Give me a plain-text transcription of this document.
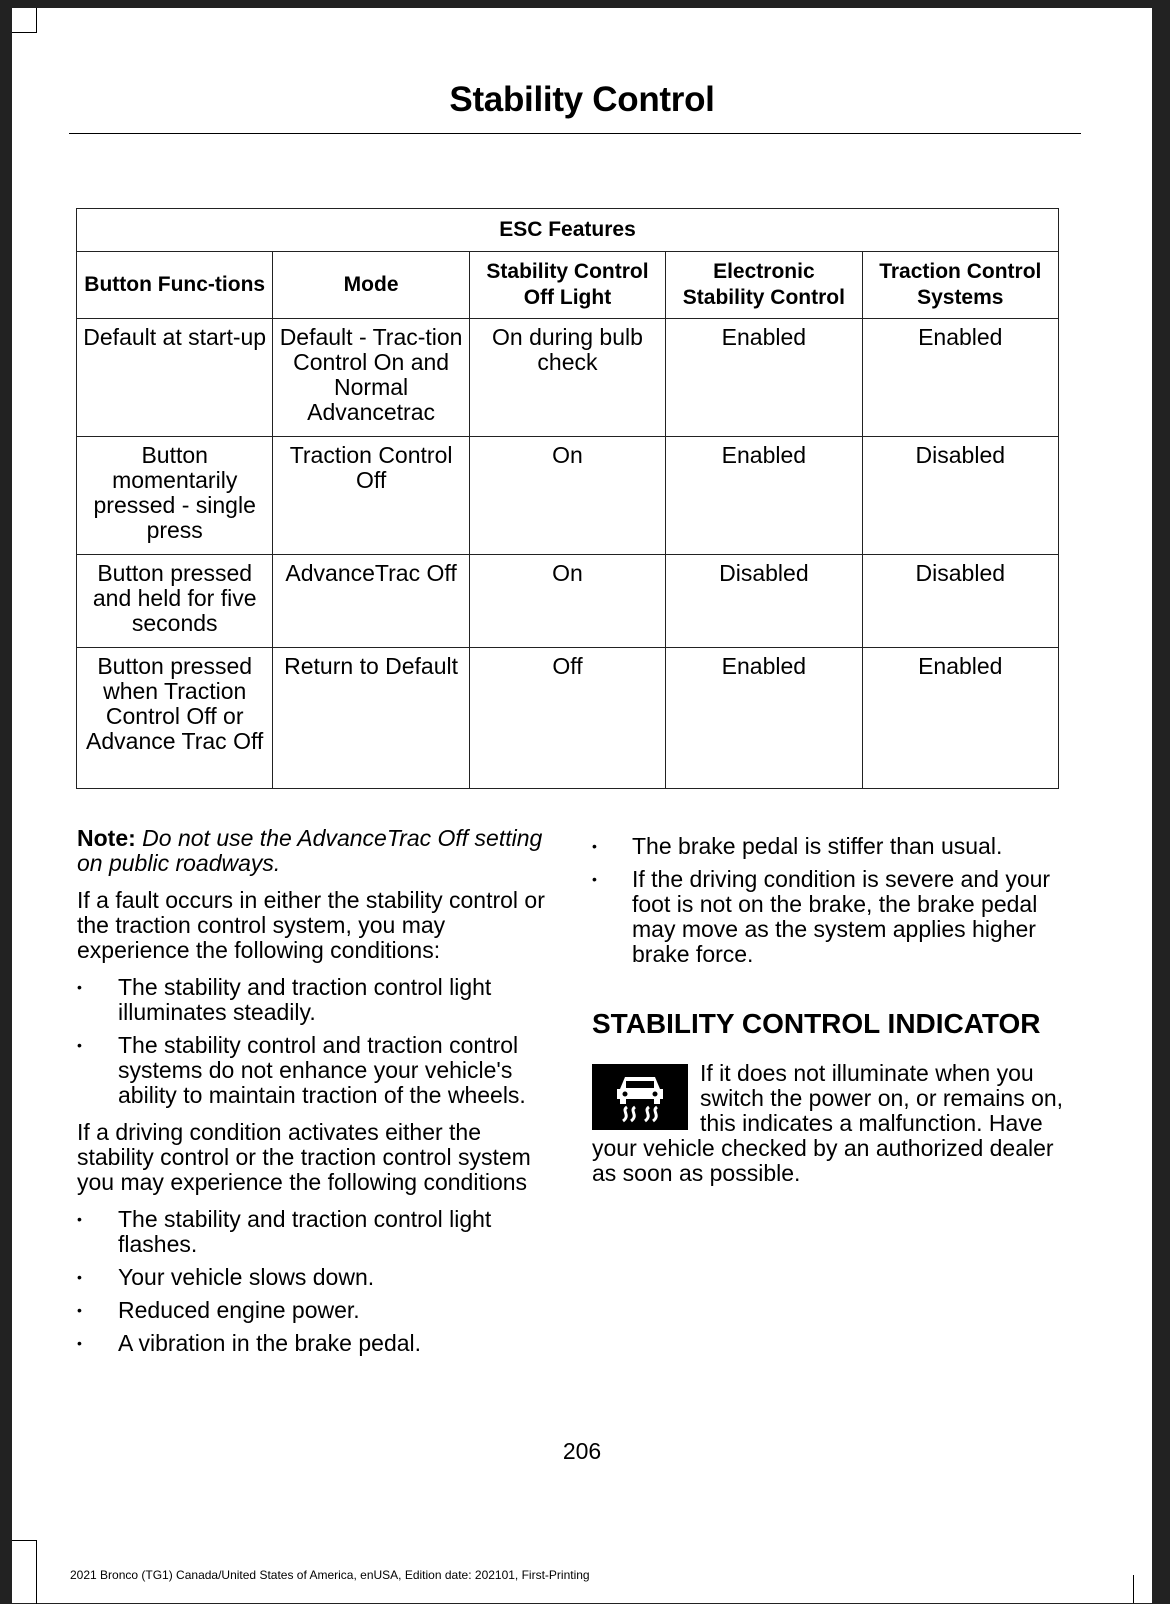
Stability Control
ESC Features				
Button Func-tions	Mode	Stability Control Off Light	Electronic Stability Control	Traction Control Systems
Default at start-up	Default - Trac-tion Control On and Normal Advancetrac	On during bulb check	Enabled	Enabled
Button momentarily pressed - single press	Traction Control Off	On	Enabled	Disabled
Button pressed and held for five seconds	AdvanceTrac Off	On	Disabled	Disabled
Button pressed when Traction Control Off or Advance Trac Off	Return to Default	Off	Enabled	Enabled

Note: Do not use the AdvanceTrac Off setting on public roadways.

If a fault occurs in either the stability control or the traction control system, you may experience the following conditions:

• The stability and traction control light illuminates steadily.
• The stability control and traction control systems do not enhance your vehicle's ability to maintain traction of the wheels.

If a driving condition activates either the stability control or the traction control system you may experience the following conditions

• The stability and traction control light flashes.
• Your vehicle slows down.
• Reduced engine power.
• A vibration in the brake pedal.
• The brake pedal is stiffer than usual.
• If the driving condition is severe and your foot is not on the brake, the brake pedal may move as the system applies higher brake force.
STABILITY CONTROL INDICATOR
If it does not illuminate when you switch the power on, or remains on, this indicates a malfunction. Have your vehicle checked by an authorized dealer as soon as possible.
206
2021 Bronco (TG1) Canada/United States of America, enUSA, Edition date: 202101, First-Printing
